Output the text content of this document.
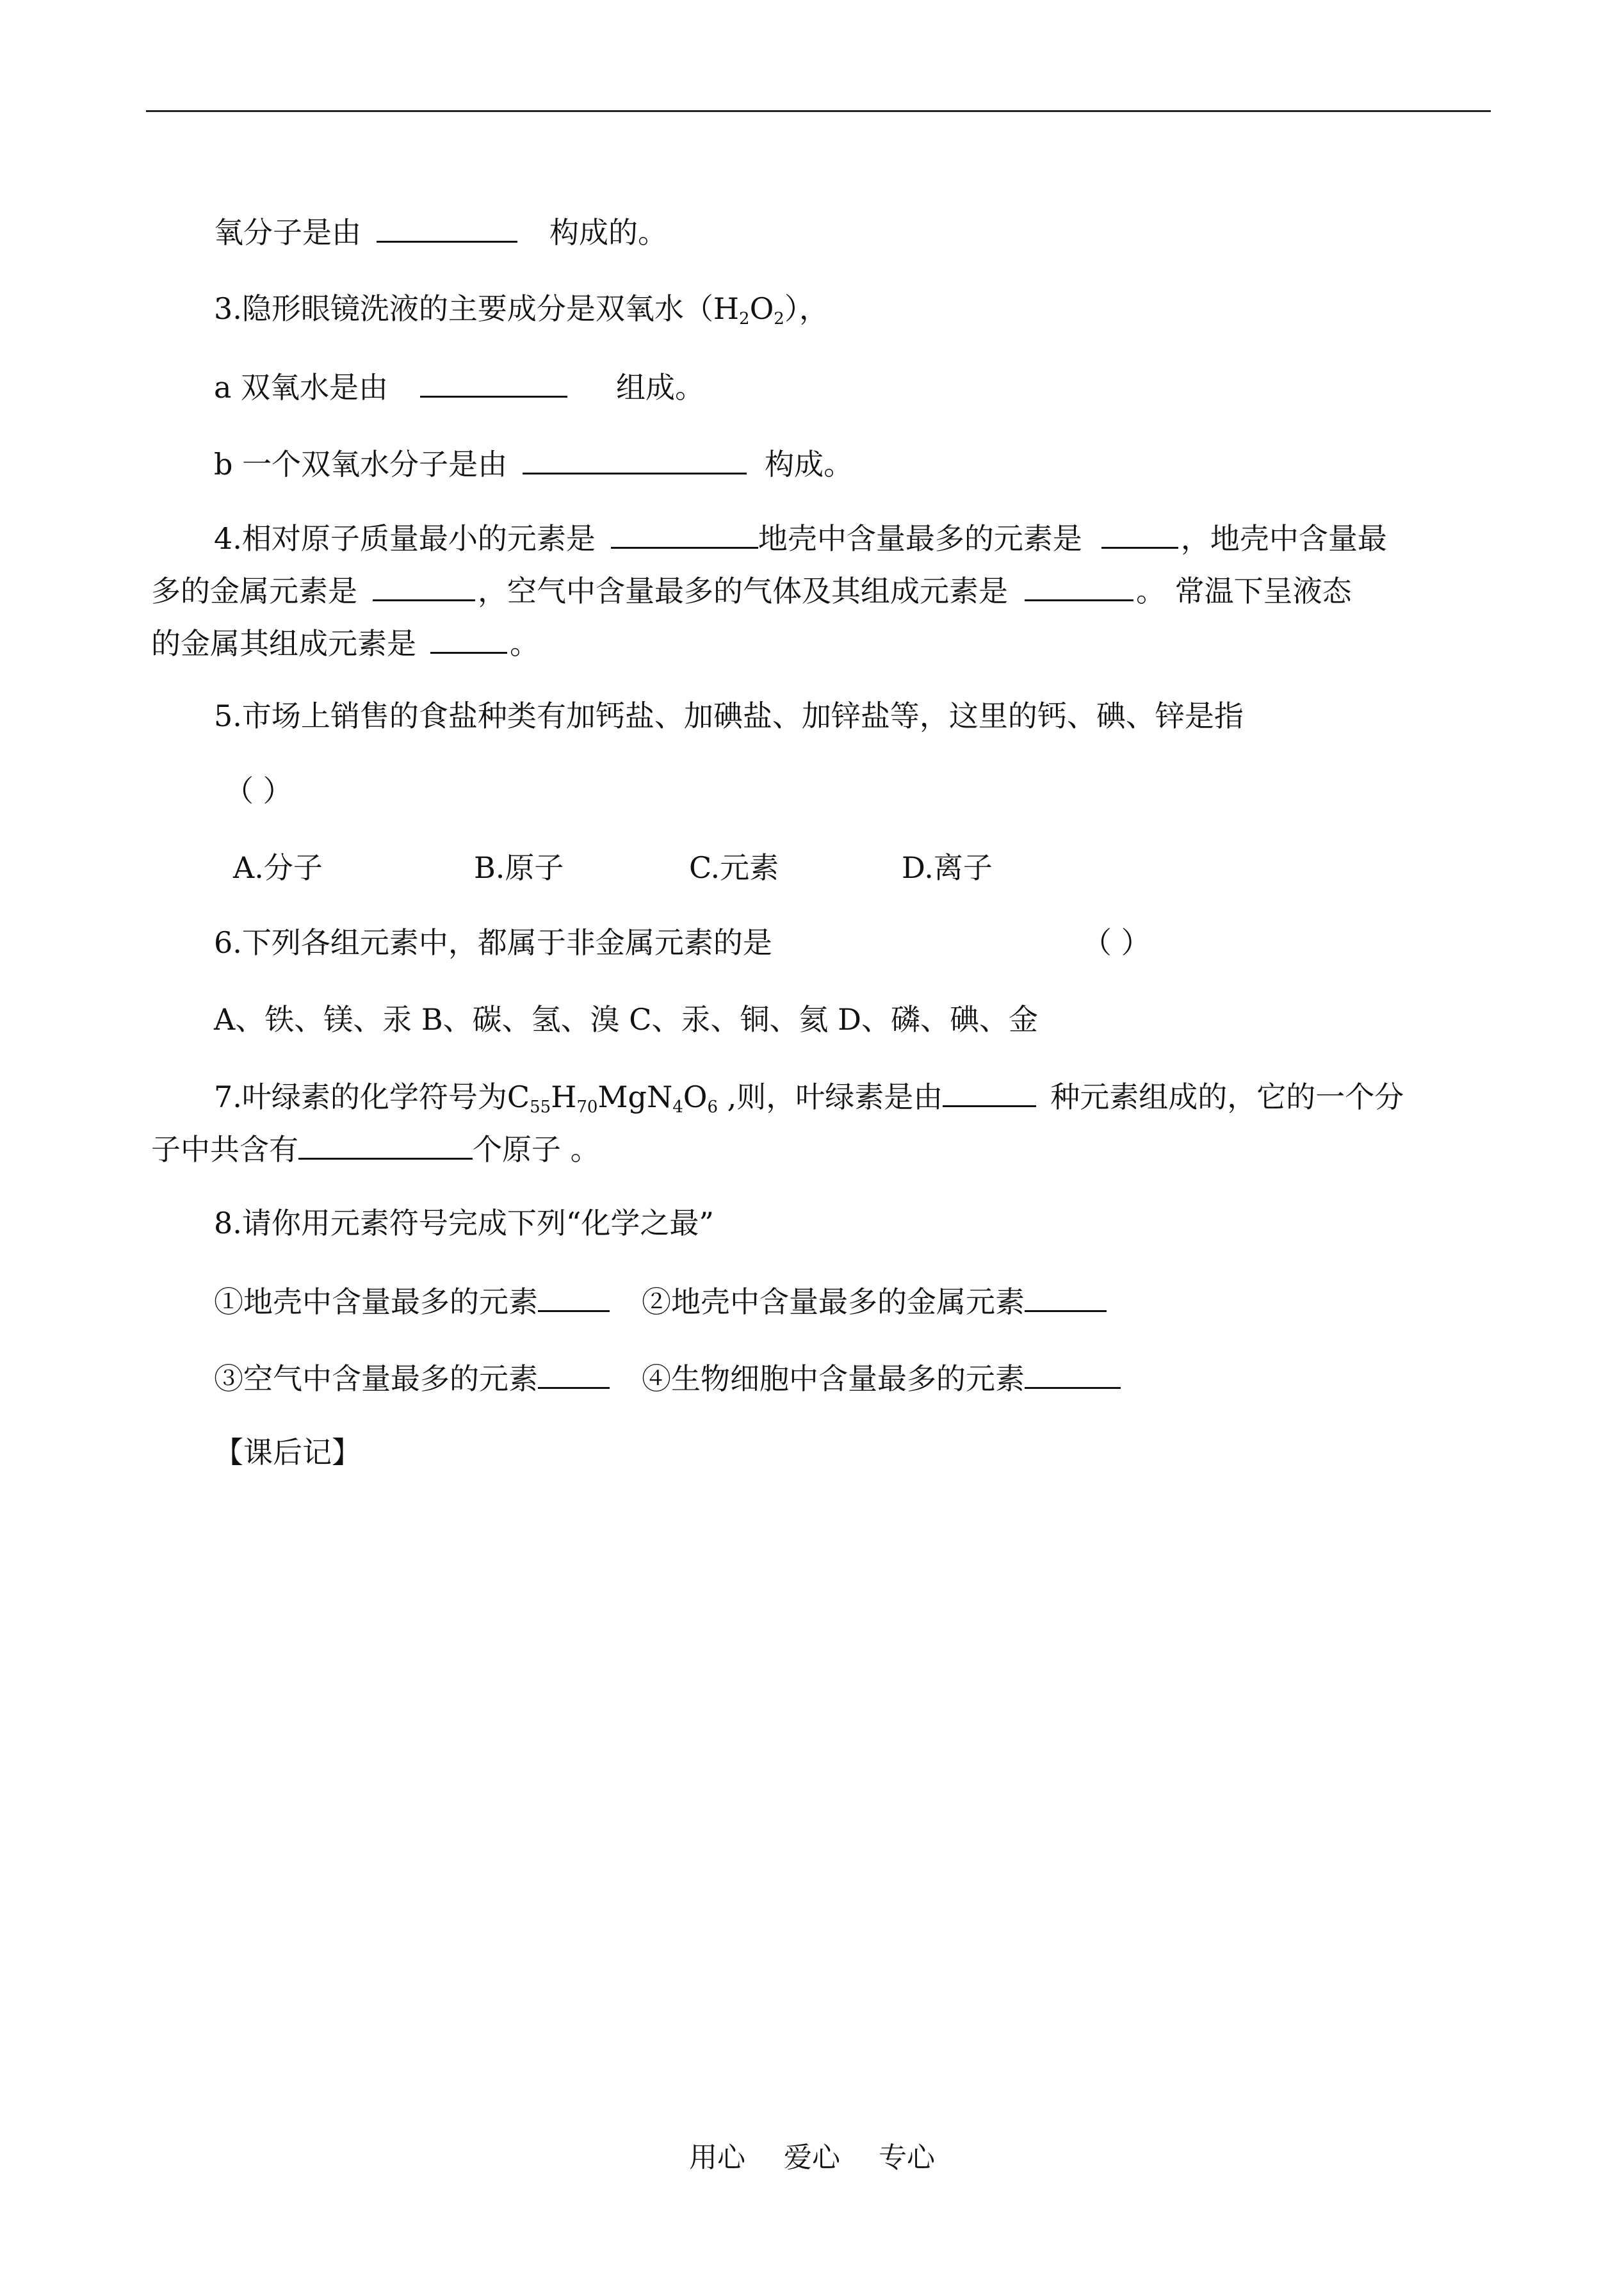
氧分子是由	构成的。
3.隐形眼镜洗液的主要成分是双氧水$(H_2O_2)$，
a 双氧水是由	组成。
b 一个双氧水分子是由	构成。
4.相对原子质量最小的元素是	地壳中含量最多的元素是	，地壳中含量最
多的金属元素是	，空气中含量最多的气体及其组成元素是	。 常温下呈液态
的金属其组成元素是	。
5.市场上销售的食盐种类有加钙盐、加碘盐、加锌盐等，这里的钙、碘、锌是指
（ ）
A.分子	B.原子	C.元素	D.离子
6.下列各组元素中，都属于非金属元素的是	（ ）
A、铁、镁、汞 B、碳、氢、溴 C、汞、铜、氦 D、磷、碘、金
7.叶绿素的化学符号为$C_{55}H_{70}MgN_4O_6$ ,则，叶绿素是由	种元素组成的，它的一个分
子中共含有	个原子 。
8.请你用元素符号完成下列“化学之最”
①地壳中含量最多的元素	②地壳中含量最多的金属元素
③空气中含量最多的元素	④生物细胞中含量最多的元素
【课后记】
用心 爱心 专心
